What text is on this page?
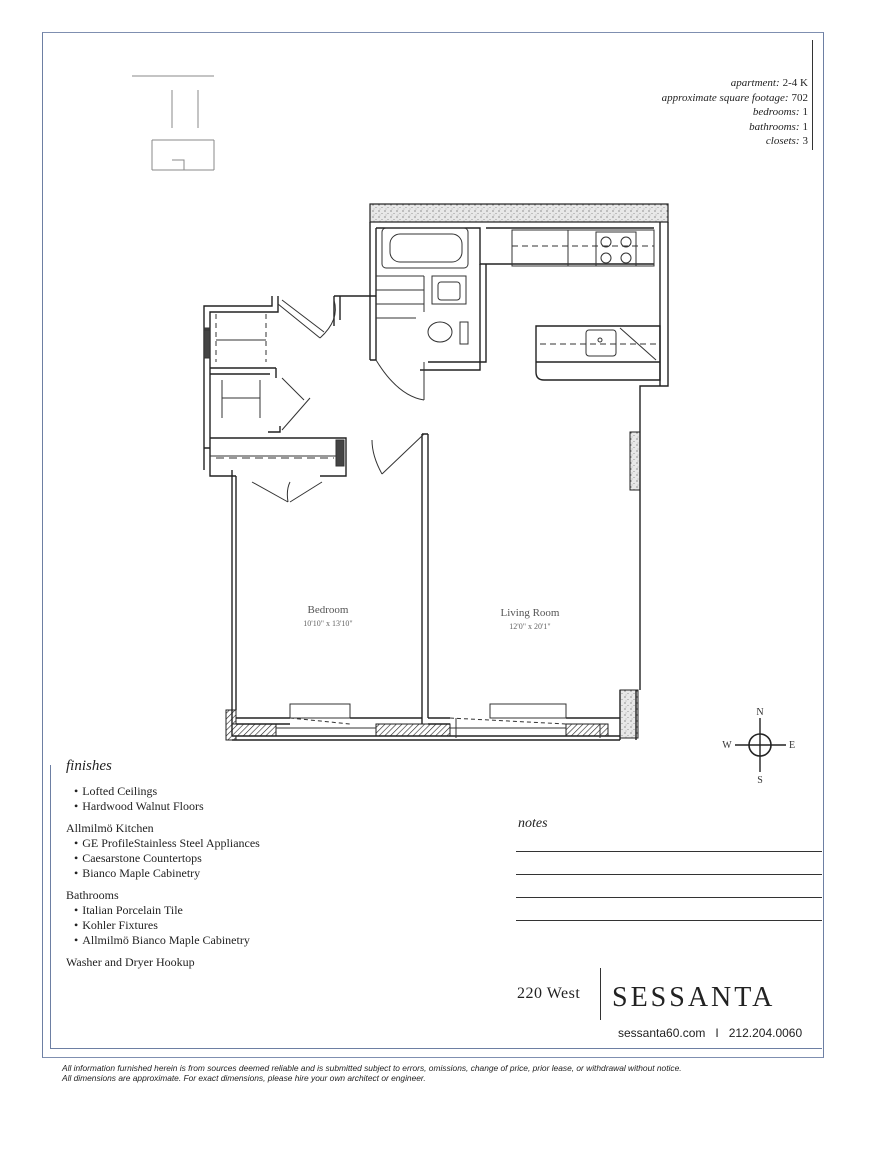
apartment: 2-4 K
approximate square footage: 702
bedrooms: 1
bathrooms: 1
closets: 3
Bedroom
10'10" x 13'10"
Living Room
12'0" x 20'1"
N
S
W	E
finishes
• Lofted Ceilings
• Hardwood Walnut Floors
Allmilmö Kitchen
• GE ProfileStainless Steel Appliances
• Caesarstone Countertops
• Bianco Maple Cabinetry
Bathrooms
• Italian Porcelain Tile
• Kohler Fixtures
• Allmilmö Bianco Maple Cabinetry
Washer and Dryer Hookup
notes
220 West SESSANTA
sessanta60.com I 212.204.0060
All information furnished herein is from sources deemed reliable and is submitted subject to errors, omissions, change of price, prior lease, or withdrawal without notice.
All dimensions are approximate. For exact dimensions, please hire your own architect or engineer.
